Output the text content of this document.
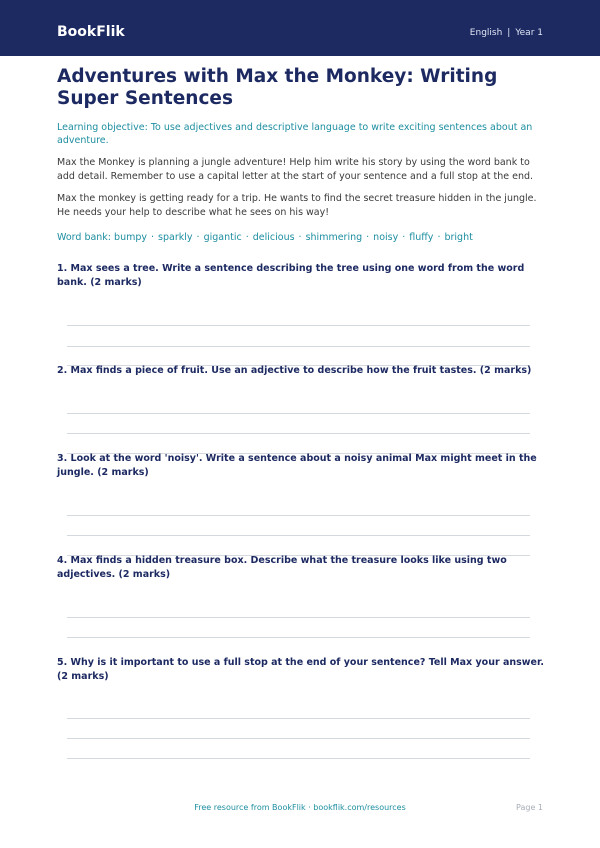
BookFlik	English | Year 1
Adventures with Max the Monkey: Writing Super Sentences
Learning objective: To use adjectives and descriptive language to write exciting sentences about an adventure.
Max the Monkey is planning a jungle adventure! Help him write his story by using the word bank to add detail. Remember to use a capital letter at the start of your sentence and a full stop at the end.
Max the monkey is getting ready for a trip. He wants to find the secret treasure hidden in the jungle. He needs your help to describe what he sees on his way!
Word bank: bumpy · sparkly · gigantic · delicious · shimmering · noisy · fluffy · bright
1. Max sees a tree. Write a sentence describing the tree using one word from the word bank. (2 marks)
2. Max finds a piece of fruit. Use an adjective to describe how the fruit tastes. (2 marks)
3. Look at the word 'noisy'. Write a sentence about a noisy animal Max might meet in the jungle. (2 marks)
4. Max finds a hidden treasure box. Describe what the treasure looks like using two adjectives. (2 marks)
5. Why is it important to use a full stop at the end of your sentence? Tell Max your answer. (2 marks)
Free resource from BookFlik · bookflik.com/resources	Page 1
